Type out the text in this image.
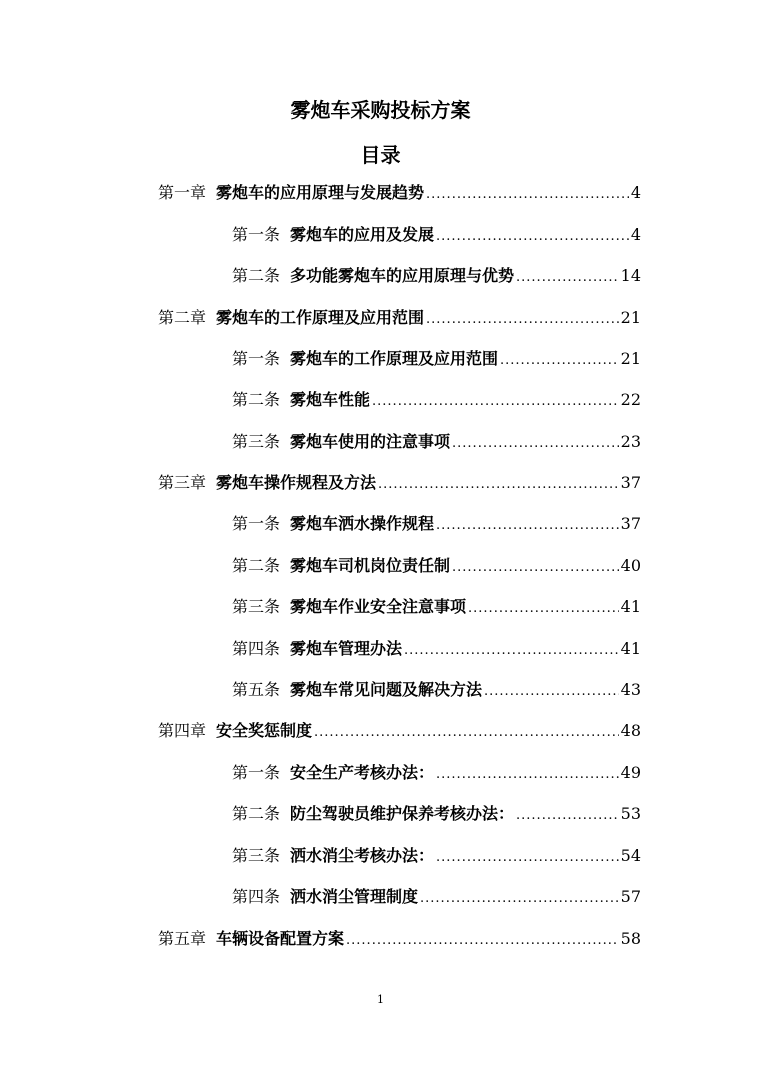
雾炮车采购投标方案
目录
第一章 雾炮车的应用原理与发展趋势 .....	4
第一条 雾炮车的应用及发展 .....	4
第二条 多功能雾炮车的应用原理与优势 .....	14
第二章 雾炮车的工作原理及应用范围 .....	21
第一条 雾炮车的工作原理及应用范围 .....	21
第二条 雾炮车性能 .....	22
第三条 雾炮车使用的注意事项 .....	23
第三章 雾炮车操作规程及方法 .....	37
第一条 雾炮车洒水操作规程 .....	37
第二条 雾炮车司机岗位责任制 .....	40
第三条 雾炮车作业安全注意事项 .....	41
第四条 雾炮车管理办法 .....	41
第五条 雾炮车常见问题及解决方法 .....	43
第四章 安全奖惩制度 .....	48
第一条 安全生产考核办法： .....	49
第二条 防尘驾驶员维护保养考核办法： .....	53
第三条 洒水消尘考核办法： .....	54
第四条 洒水消尘管理制度 .....	57
第五章 车辆设备配置方案 .....	58
1
